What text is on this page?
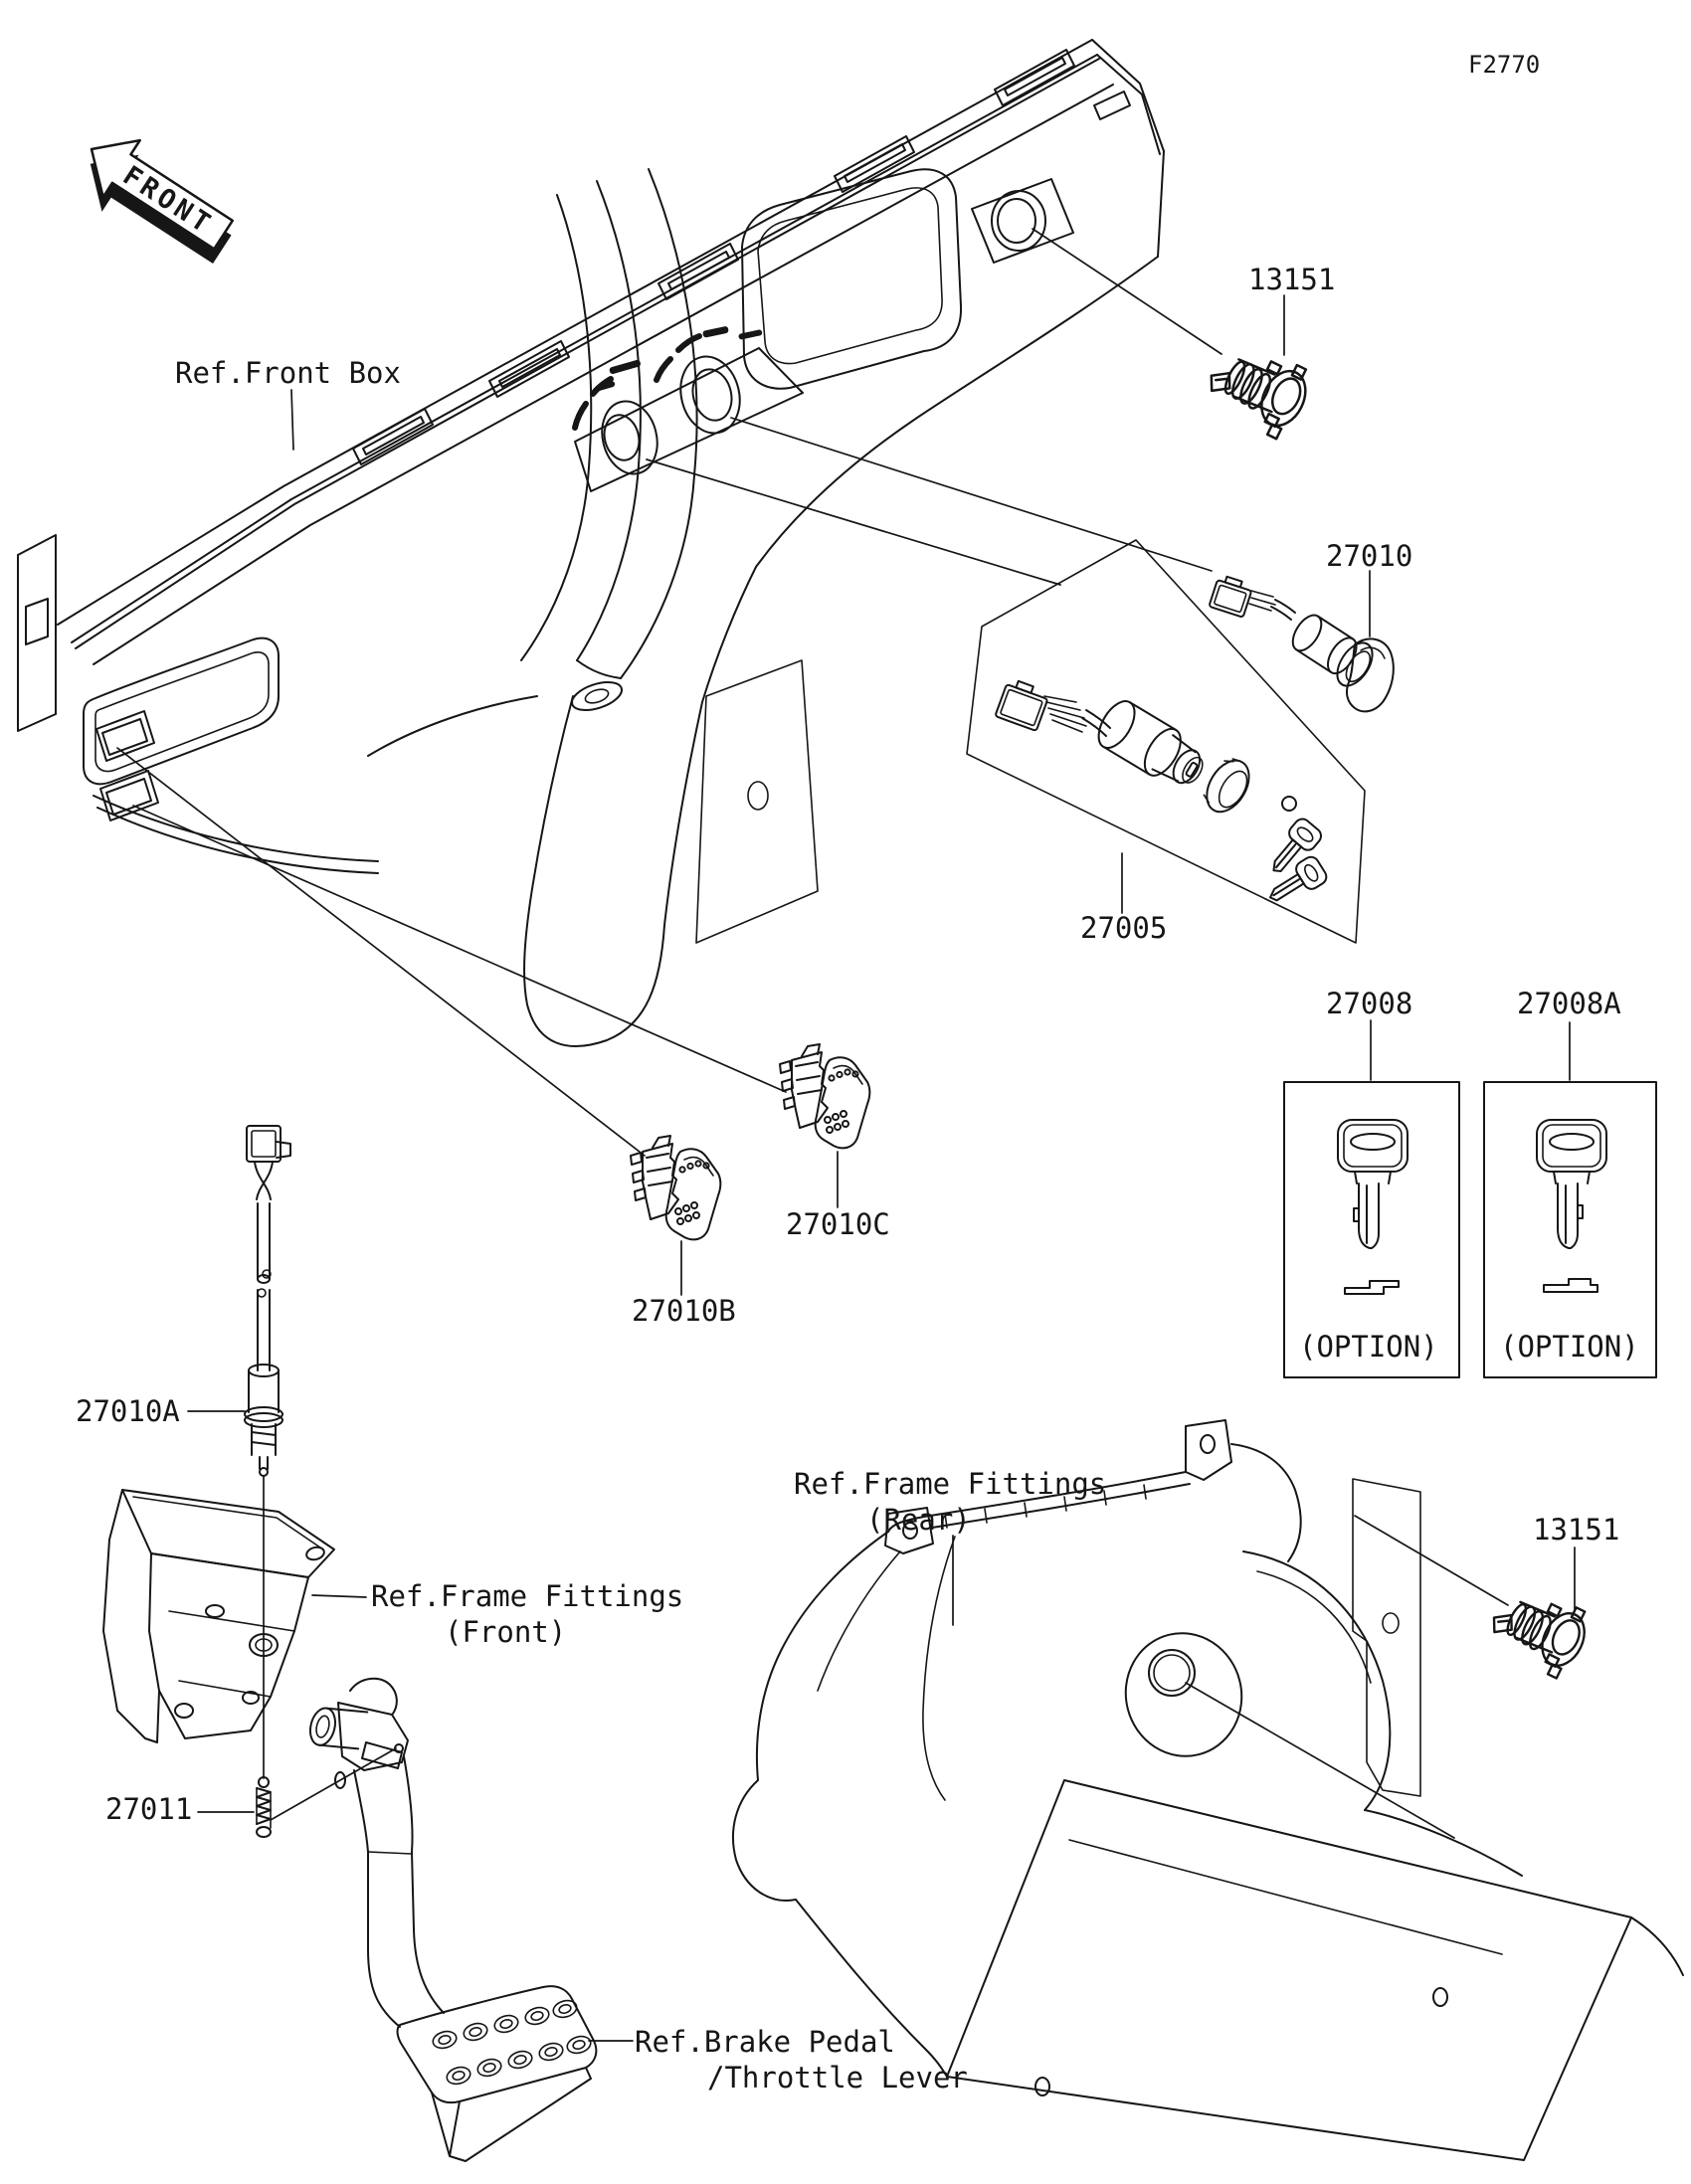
FRONT
F2770
Ref.Front Box
13151
27010
27005
27008	27008A
(OPTION) (OPTION)
27010C
27010B
27010A
27011
13151
Ref.Frame Fittings
(Front)
Ref.Frame Fittings
(Rear)
Ref.Brake Pedal
/Throttle Lever
